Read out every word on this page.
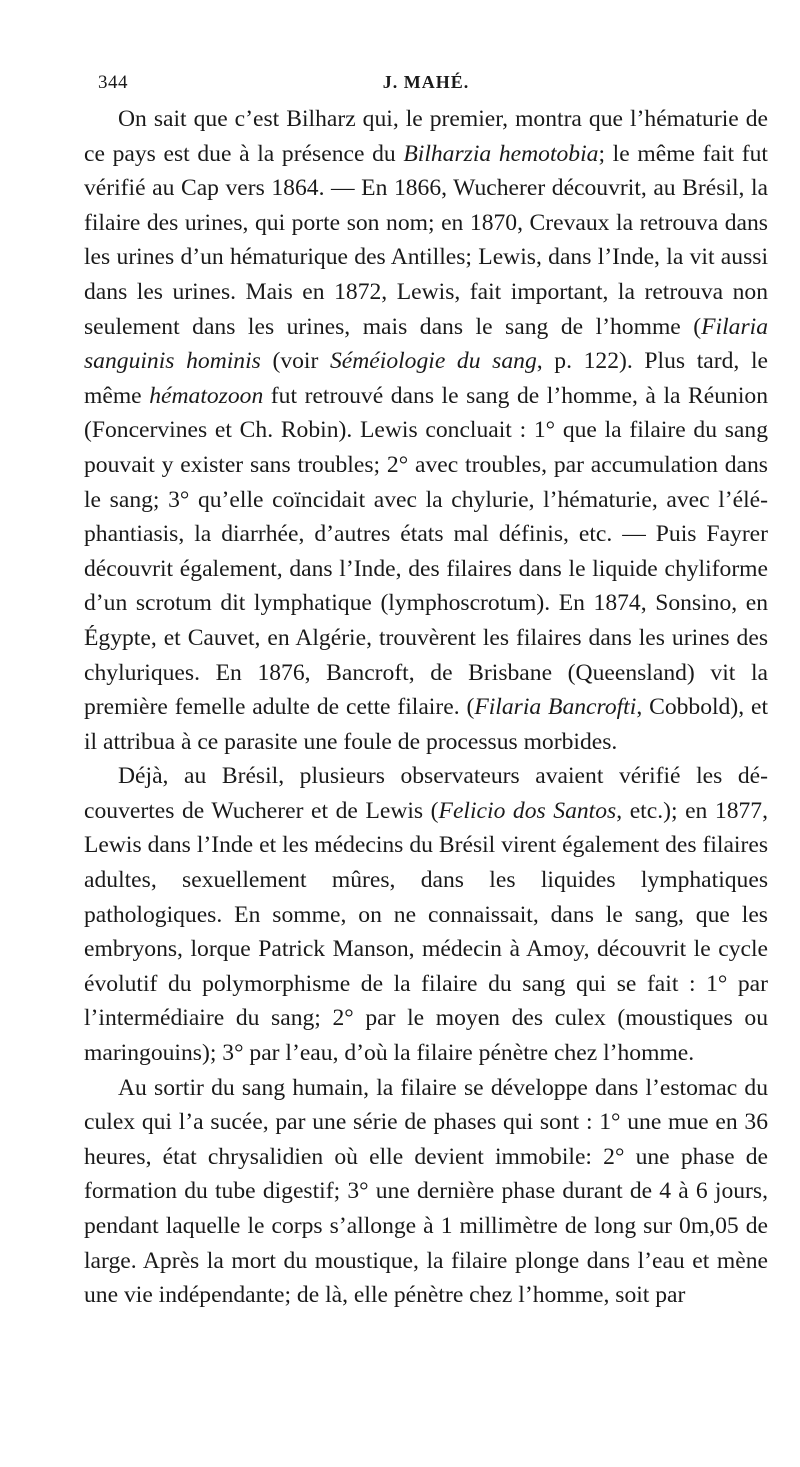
344	J. MAHÉ.

On sait que c’est Bilharz qui, le premier, montra que l’hématurie de ce pays est due à la présence du Bilharzia hemotobia; le même fait fut vérifié au Cap vers 1864. — En 1866, Wucherer découvrit, au Brésil, la filaire des urines, qui porte son nom; en 1870, Crevaux la retrouva dans les urines d’un hématurique des Antilles; Lewis, dans l’Inde, la vit aussi dans les urines. Mais en 1872, Lewis, fait important, la retrouva non seulement dans les urines, mais dans le sang de l’homme (Filaria sanguinis hominis (voir Séméiologie du sang, p. 122). Plus tard, le même hématozoon fut retrouvé dans le sang de l’homme, à la Réunion (Foncervines et Ch. Robin). Lewis concluait : 1° que la filaire du sang pouvait y exister sans troubles; 2° avec troubles, par accumulation dans le sang; 3° qu’elle coïncidait avec la chylurie, l’hématurie, avec l’éléphantiasis, la diarrhée, d’autres états mal définis, etc. — Puis Fayrer découvrit également, dans l’Inde, des filaires dans le liquide chyliforme d’un scrotum dit lymphatique (lymphoscrotum). En 1874, Sonsino, en Égypte, et Cauvet, en Algérie, trouvèrent les filaires dans les urines des chyluriques. En 1876, Bancroft, de Brisbane (Queensland) vit la première femelle adulte de cette filaire. (Filaria Bancrofti, Cobbold), et il attribua à ce parasite une foule de processus morbides.

Déjà, au Brésil, plusieurs observateurs avaient vérifié les découvertes de Wucherer et de Lewis (Felicio dos Santos, etc.); en 1877, Lewis dans l’Inde et les médecins du Brésil virent également des filaires adultes, sexuellement mûres, dans les liquides lymphatiques pathologiques. En somme, on ne connaissait, dans le sang, que les embryons, lorque Patrick Manson, médecin à Amoy, découvrit le cycle évolutif du polymorphisme de la filaire du sang qui se fait : 1° par l’intermédiaire du sang; 2° par le moyen des culex (moustiques ou maringouins); 3° par l’eau, d’où la filaire pénètre chez l’homme.

Au sortir du sang humain, la filaire se développe dans l’estomac du culex qui l’a sucée, par une série de phases qui sont : 1° une mue en 36 heures, état chrysalidien où elle devient immobile: 2° une phase de formation du tube digestif; 3° une dernière phase durant de 4 à 6 jours, pendant laquelle le corps s’allonge à 1 millimètre de long sur 0m,05 de large. Après la mort du moustique, la filaire plonge dans l’eau et mène une vie indépendante; de là, elle pénètre chez l’homme, soit par
